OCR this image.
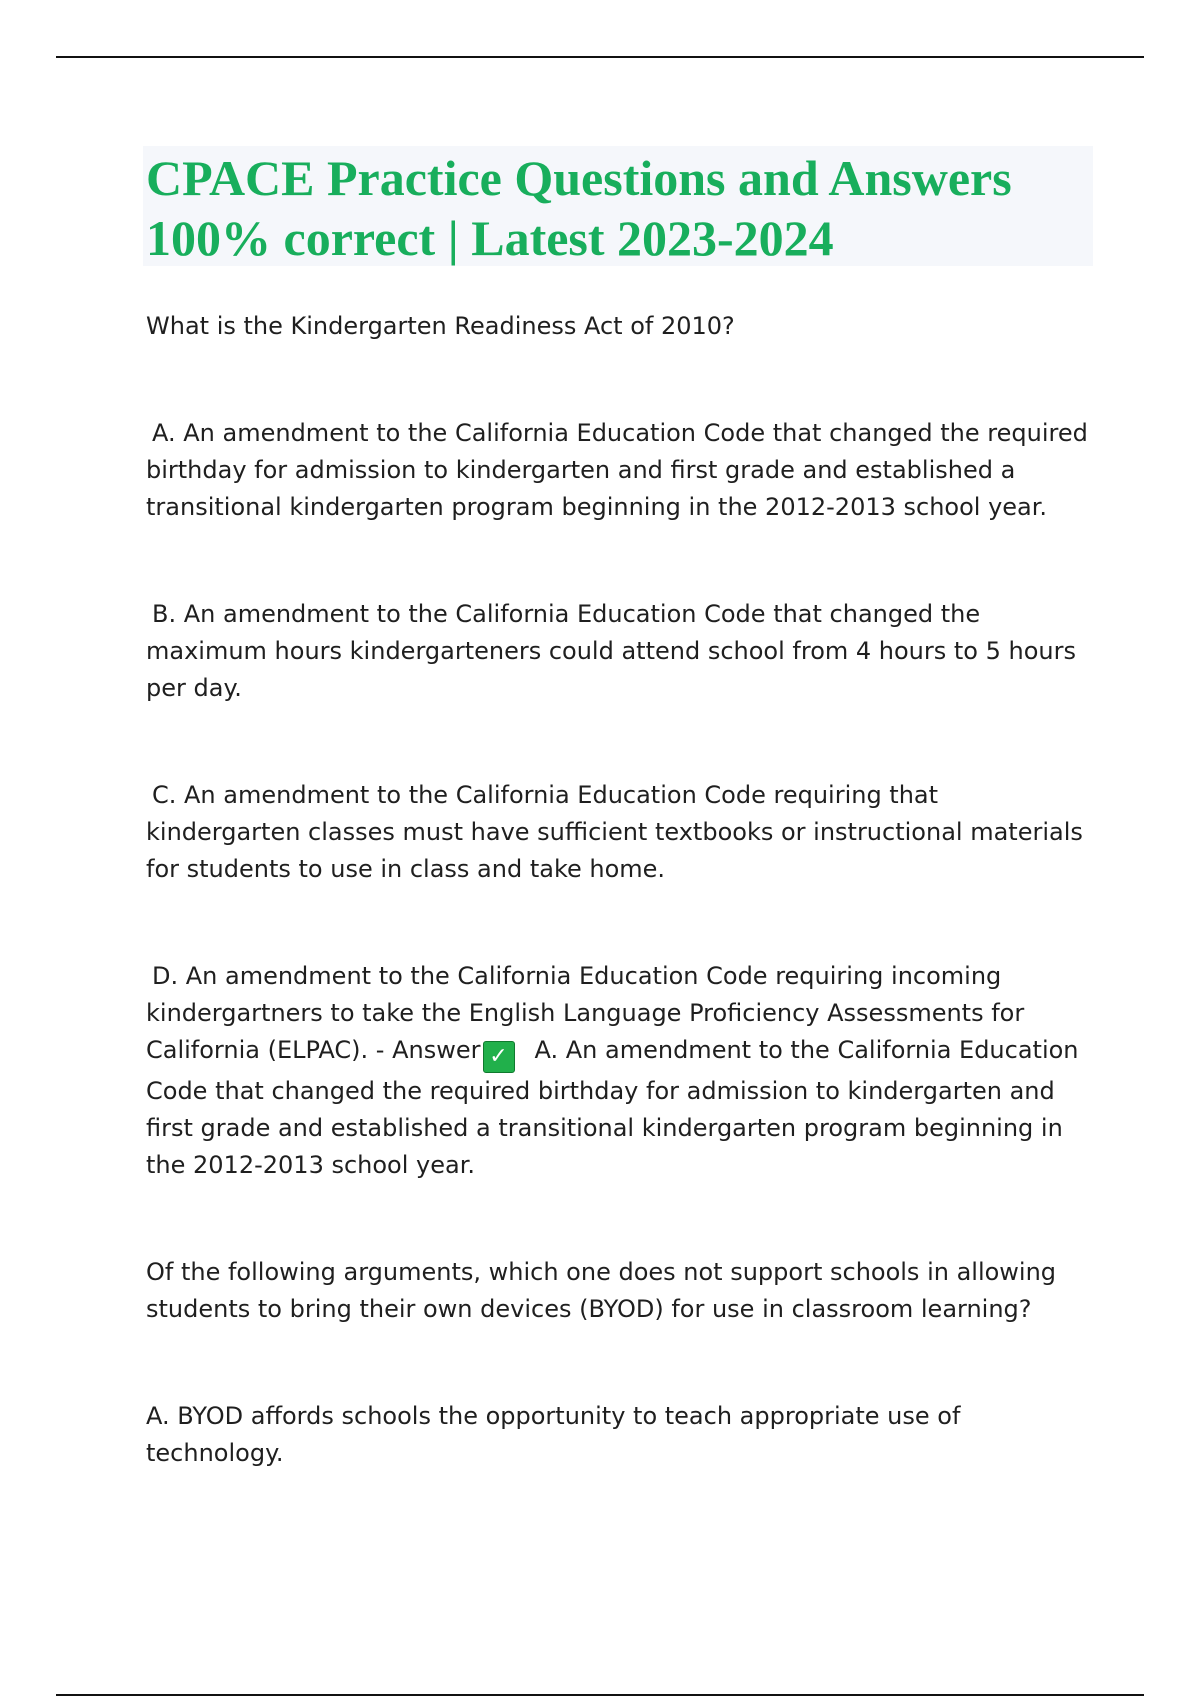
CPACE Practice Questions and Answers 100% correct | Latest 2023-2024

What is the Kindergarten Readiness Act of 2010?

A. An amendment to the California Education Code that changed the required birthday for admission to kindergarten and first grade and established a transitional kindergarten program beginning in the 2012-2013 school year.

B. An amendment to the California Education Code that changed the maximum hours kindergarteners could attend school from 4 hours to 5 hours per day.

C. An amendment to the California Education Code requiring that kindergarten classes must have sufficient textbooks or instructional materials for students to use in class and take home.

D. An amendment to the California Education Code requiring incoming kindergartners to take the English Language Proficiency Assessments for California (ELPAC). - Answer ✓ A. An amendment to the California Education Code that changed the required birthday for admission to kindergarten and first grade and established a transitional kindergarten program beginning in the 2012-2013 school year.

Of the following arguments, which one does not support schools in allowing students to bring their own devices (BYOD) for use in classroom learning?

A. BYOD affords schools the opportunity to teach appropriate use of technology.
